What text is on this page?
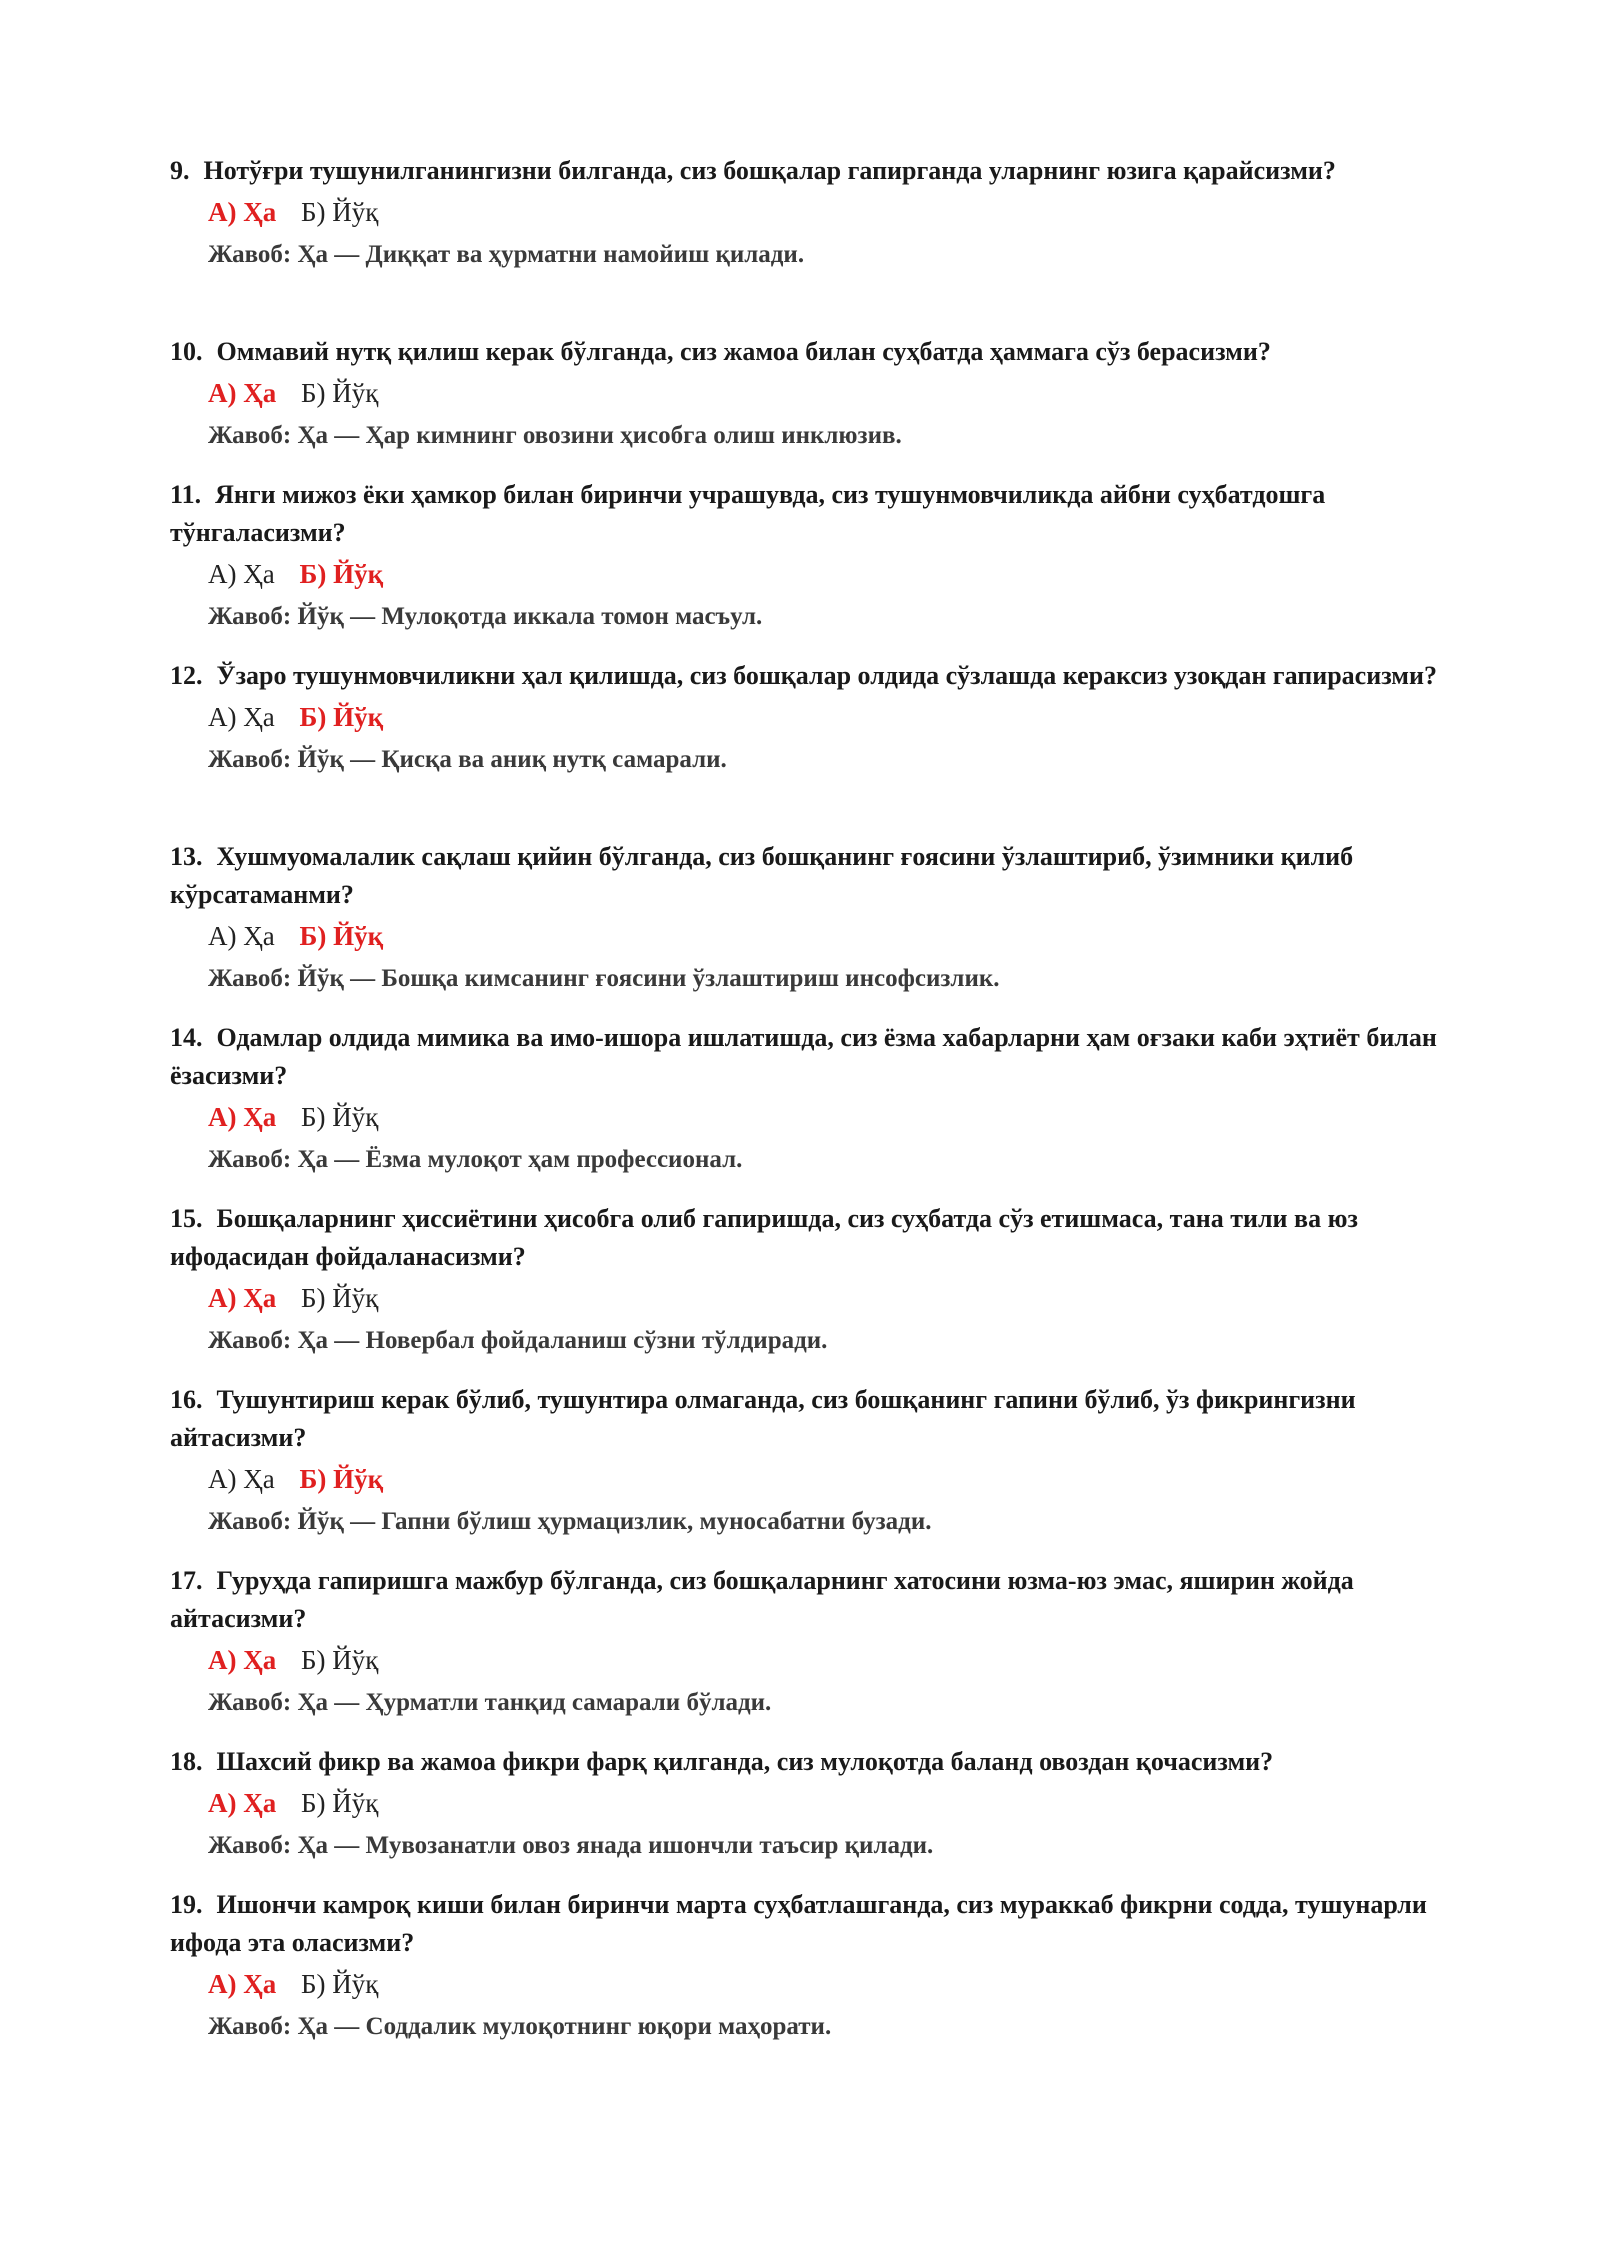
9. Нотўғри тушунилганингизни билганда, сиз бошқалар гапирганда уларнинг юзига қарайсизми?

А) Ҳа Б) Йўқ
Жавоб: Ҳа — Диққат ва ҳурматни намойиш қилади.

10. Оммавий нутқ қилиш керак бўлганда, сиз жамоа билан суҳбатда ҳаммага сўз берасизми?

А) Ҳа Б) Йўқ
Жавоб: Ҳа — Ҳар кимнинг овозини ҳисобга олиш инклюзив.

11. Янги мижоз ёки ҳамкор билан биринчи учрашувда, сиз тушунмовчиликда айбни суҳбатдошга тўнгаласизми?

А) Ҳа Б) Йўқ
Жавоб: Йўқ — Мулоқотда иккала томон масъул.

12. Ўзаро тушунмовчиликни ҳал қилишда, сиз бошқалар олдида сўзлашда кераксиз узоқдан гапирасизми?

А) Ҳа Б) Йўқ
Жавоб: Йўқ — Қисқа ва аниқ нутқ самарали.

13. Хушмуомалалик сақлаш қийин бўлганда, сиз бошқанинг ғоясини ўзлаштириб, ўзимники қилиб кўрсатаманми?

А) Ҳа Б) Йўқ
Жавоб: Йўқ — Бошқа кимсанинг ғоясини ўзлаштириш инсофсизлик.

14. Одамлар олдида мимика ва имо-ишора ишлатишда, сиз ёзма хабарларни ҳам оғзаки каби эҳтиёт билан ёзасизми?

А) Ҳа Б) Йўқ
Жавоб: Ҳа — Ёзма мулоқот ҳам профессионал.

15. Бошқаларнинг ҳиссиётини ҳисобга олиб гапиришда, сиз суҳбатда сўз етишмаса, тана тили ва юз ифодасидан фойдаланасизми?

А) Ҳа Б) Йўқ
Жавоб: Ҳа — Новербал фойдаланиш сўзни тўлдиради.

16. Тушунтириш керак бўлиб, тушунтира олмаганда, сиз бошқанинг гапини бўлиб, ўз фикрингизни айтасизми?

А) Ҳа Б) Йўқ
Жавоб: Йўқ — Гапни бўлиш ҳурмацизлик, муносабатни бузади.

17. Гуруҳда гапиришга мажбур бўлганда, сиз бошқаларнинг хатосини юзма-юз эмас, яширин жойда айтасизми?

А) Ҳа Б) Йўқ
Жавоб: Ҳа — Ҳурматли танқид самарали бўлади.

18. Шахсий фикр ва жамоа фикри фарқ қилганда, сиз мулоқотда баланд овоздан қочасизми?

А) Ҳа Б) Йўқ
Жавоб: Ҳа — Мувозанатли овоз янада ишончли таъсир қилади.

19. Ишончи камроқ киши билан биринчи марта суҳбатлашганда, сиз мураккаб фикрни содда, тушунарли ифода эта оласизми?

А) Ҳа Б) Йўқ
Жавоб: Ҳа — Соддалик мулоқотнинг юқори маҳорати.
